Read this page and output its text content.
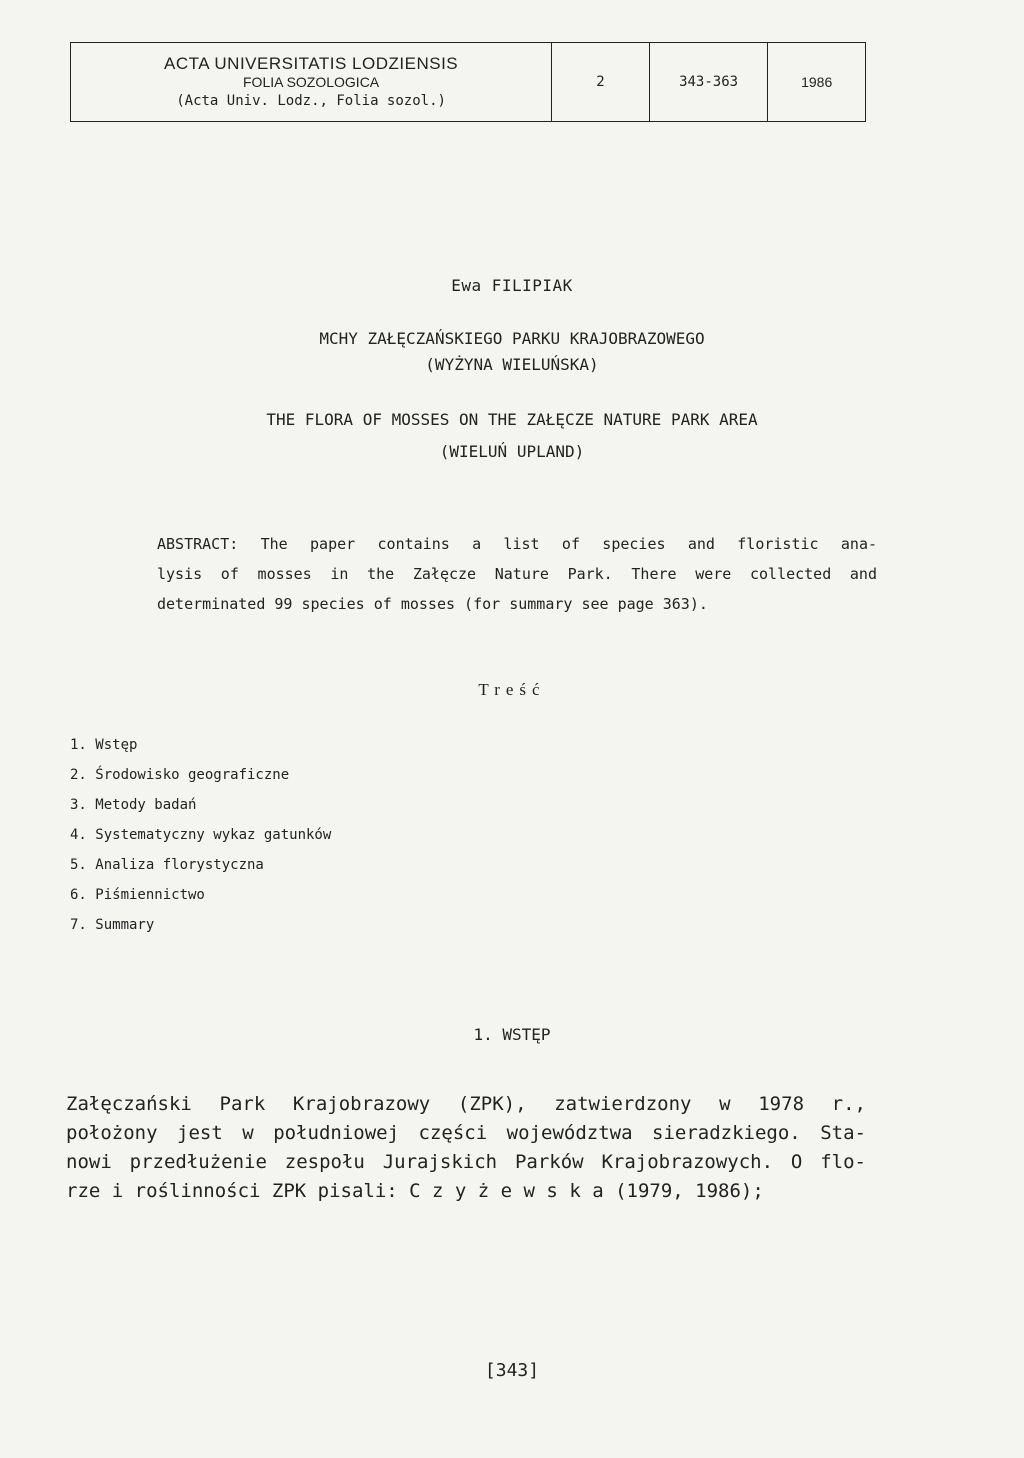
ACTA UNIVERSITATIS LODZIENSIS
FOLIA SOZOLOGICA
(Acta Univ. Lodz., Folia sozol.)
2	343-363	1986
Ewa FILIPIAK
MCHY ZAŁĘCZAŃSKIEGO PARKU KRAJOBRAZOWEGO
(WYŻYNA WIELUŃSKA)
THE FLORA OF MOSSES ON THE ZAŁĘCZE NATURE PARK AREA
(WIELUŃ UPLAND)
ABSTRACT: The paper contains a list of species and floristic ana-
lysis of mosses in the Załęcze Nature Park. There were collected and
determinated 99 species of mosses (for summary see page 363).
Treść
1. Wstęp
2. Środowisko geograficzne
3. Metody badań
4. Systematyczny wykaz gatunków
5. Analiza florystyczna
6. Piśmiennictwo
7. Summary
1. WSTĘP
Załęczański Park Krajobrazowy (ZPK), zatwierdzony w 1978 r.,
położony jest w południowej części województwa sieradzkiego. Sta-
nowi przedłużenie zespołu Jurajskich Parków Krajobrazowych. O flo-
rze i roślinności ZPK pisali: C z y ż e w s k a (1979, 1986);
[343]
